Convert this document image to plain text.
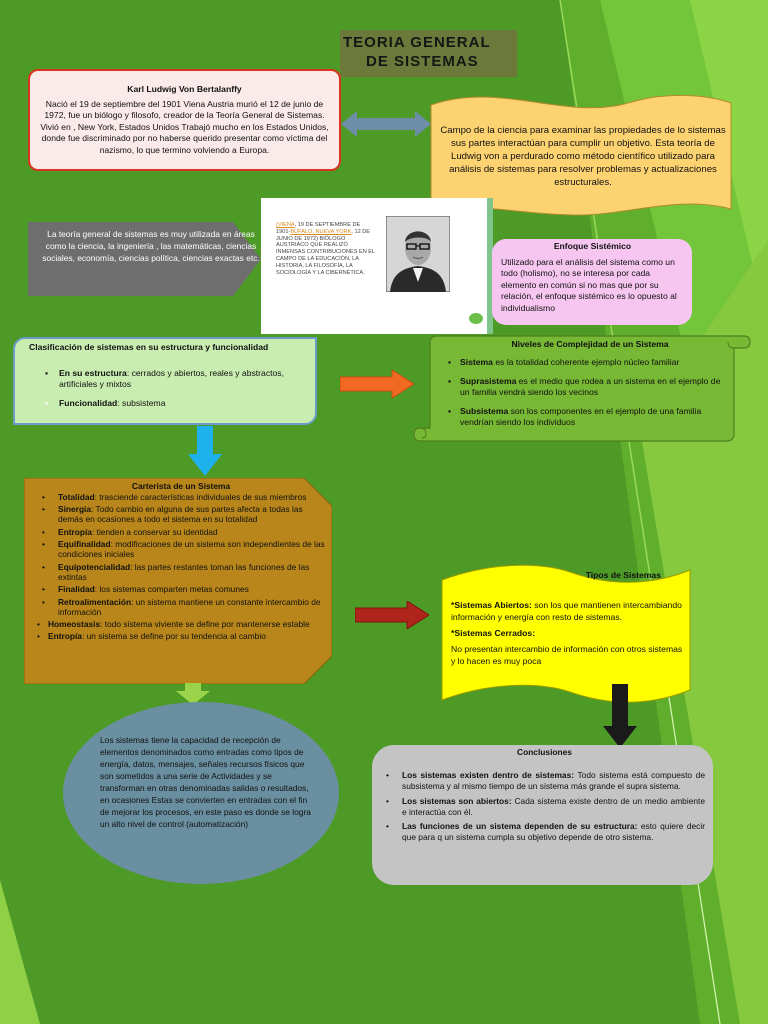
TEORIA GENERAL
DE SISTEMAS
Karl Ludwig Von Bertalanffy
Nació el 19 de septiembre del 1901 Viena Austria murió el 12 de junio de 1972, fue un biólogo y filosofo, creador de la Teoría General de Sistemas. Vivió en , New York, Estados Unidos Trabajó mucho en los Estados Unidos, donde fue discriminado por no haberse querido presentar como víctima del nazismo, lo que termino volviendo a Europa.
Campo de la ciencia para examinar las propiedades de lo sistemas sus partes interactúan para cumplir un objetivo. Esta teoría de Ludwig von a perdurado como método científico utilizado para análisis de sistemas para resolver problemas y actualizaciones estructurales.
La teoría general de sistemas es muy utilizada en áreas como la ciencia, la ingeniería , las matemáticas, ciencias sociales, economía, ciencias política, ciencias exactas etc.
(VIENA, 19 DE SEPTIEMBRE DE 1901-BÚFALO, NUEVA YORK, 12 DE JUNIO DE 1972) BIÓLOGO AUSTRIACO QUE REALIZÓ INMENSAS CONTRIBUCIONES EN EL CAMPO DE LA EDUCACIÓN, LA HISTORIA, LA FILOSOFÍA, LA SOCIOLOGÍA Y LA CIBERNÉTICA.
Enfoque Sistémico
Utilizado para el análisis del sistema como un todo (holismo), no se interesa por cada elemento en común si no mas que por su relación, el enfoque sistémico es lo opuesto al individualismo
Clasificación de sistemas en su estructura y funcionalidad
▪ En su estructura: cerrados y abiertos, reales y abstractos, artificiales y mixtos
▪ Funcionalidad: subsistema
Niveles de Complejidad de un Sistema
▪ Sistema es la totalidad coherente ejemplo núcleo familiar
▪ Suprasistema es el medio que rodea a un sistema en el ejemplo de un familia vendrá siendo los vecinos
▪ Subsistema son los componentes en el ejemplo de una familia vendrían siendo los individuos
Carterista de un Sistema
• Totalidad: trasciende características individuales de sus miembros
• Sinergia: Todo cambio en alguna de sus partes afecta a todas las demás en ocasiones a todo el sistema en su totalidad
• Entropía: tienden a conservar su identidad
• Equifinalidad: modificaciones de un sistema son independientes de las condiciones iniciales
• Equipotencialidad: las partes restantes toman las funciones de las extintas
• Finalidad: los sistemas comparten metas comunes
• Retroalimentación: un sistema mantiene un constante intercambio de información
• Homeostasis: todo sistema viviente se define por mantenerse estable
• Entropía: un sistema se define por su tendencia al cambio
Tipos de Sistemas

*Sistemas Abiertos: son los que mantienen intercambiando información y energía con resto de sistemas.

*Sistemas Cerrados:

No presentan intercambio de información con otros sistemas y lo hacen es muy poca

Los sistemas tiene la capacidad de recepción de elementos denominados como entradas como tipos de energía, datos, mensajes, señales recursos físicos que son sometidos a una serie de Actividades y se transforman en otras denominadas salidas o resultados, en ocasiones Estas se convierten en entradas con el fin de mejorar los procesos, en este paso es donde se logra un alto nivel de control (automatización)
Conclusiones
• Los sistemas existen dentro de sistemas: Todo sistema está compuesto de subsistema y al mismo tiempo de un sistema más grande el supra sistema.
• Los sistemas son abiertos: Cada sistema existe dentro de un medio ambiente e interactúa con él.
• Las funciones de un sistema dependen de su estructura: esto quiere decir que para q un sistema cumpla su objetivo depende de otro sistema.
